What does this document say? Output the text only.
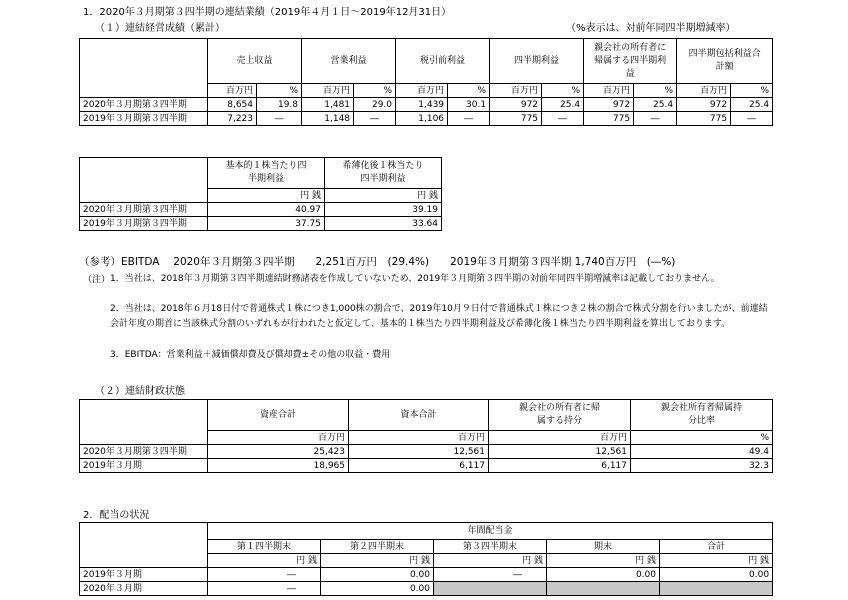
1．2020年３月期第３四半期の連結業績（2019年４月１日～2019年12月31日）
（１）連結経営成績（累計）	（%表示は、対前年同四半期増減率）
	売上収益		営業利益		税引前利益		四半期利益		親会社の所有者に帰属する四半期利益		四半期包括利益合計額	
	百万円	%	百万円	%	百万円	%	百万円	%	百万円	%	百万円	%
2020年３月期第３四半期	8,654	19.8	1,481	29.0	1,439	30.1	972	25.4	972	25.4	972	25.4
2019年３月期第３四半期	7,223	―	1,148	―	1,106	―	775	―	775	―	775	―
	基本的１株当たり四半期利益	希薄化後１株当たり四半期利益
	円 銭	円 銭
2020年３月期第３四半期	40.97	39.19
2019年３月期第３四半期	37.75	33.64
（参考）EBITDA　 2020年３月期第３四半期　　2,251百万円　(29.4%)　　2019年３月期第３四半期 1,740百万円　(―%)
（注） 1．当社は、2018年３月期第３四半期連結財務諸表を作成していないため、2019年３月期第３四半期の対前年同四半期増減率は記載しておりません。
2．当社は、2018年６月18日付で普通株式１株につき1,000株の割合で、2019年10月９日付で普通株式１株につき２株の割合で株式分割を行いましたが、前連結会計年度の期首に当該株式分割のいずれもが行われたと仮定して、基本的１株当たり四半期利益及び希薄化後１株当たり四半期利益を算出しております。
3．EBITDA：営業利益＋減価償却費及び償却費±その他の収益・費用
（２）連結財政状態
	資産合計	資本合計	親会社の所有者に帰属する持分	親会社所有者帰属持分比率
	百万円	百万円	百万円	%
2020年３月期第３四半期	25,423	12,561	12,561	49.4
2019年３月期	18,965	6,117	6,117	32.3
2．配当の状況
	年間配当金				
	第１四半期末	第２四半期末	第３四半期末	期末	合計
	円 銭	円 銭	円 銭	円 銭	円 銭
2019年３月期	―	0.00	―	0.00	0.00
2020年３月期	―	0.00			
